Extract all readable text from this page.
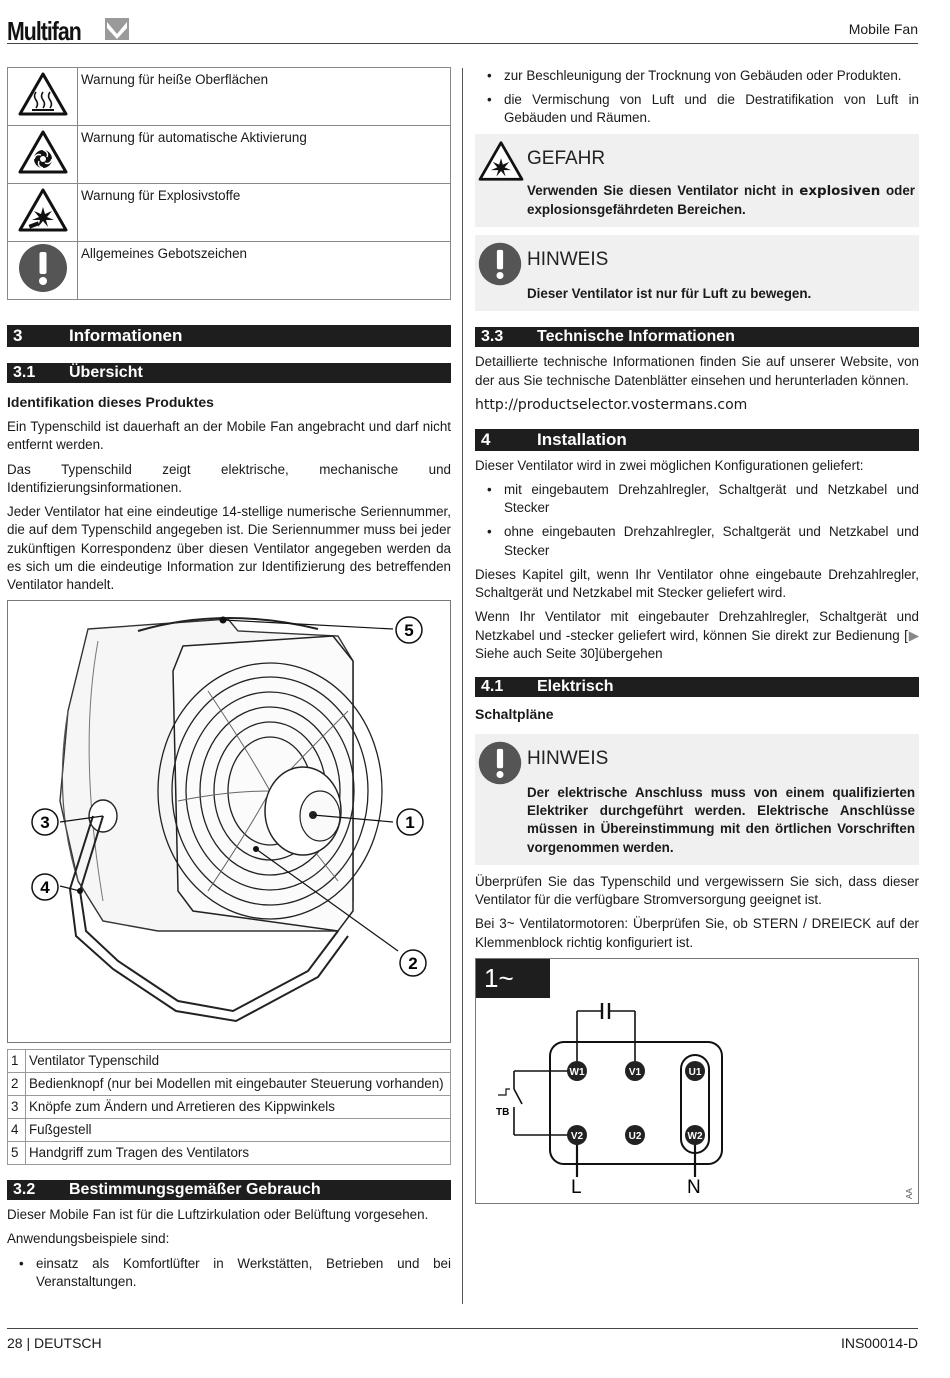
Multifan	Mobile Fan
	Warnung für heiße Oberflächen
	Warnung für automatische Aktivierung
	Warnung für Explosivstoffe
	Allgemeines Gebotszeichen
3	Informationen
3.1	Übersicht
Identifikation dieses Produktes

Ein Typenschild ist dauerhaft an der Mobile Fan angebracht und darf nicht entfernt werden.

Das Typenschild zeigt elektrische, mechanische und Identifizierungsinformationen.

Jeder Ventilator hat eine eindeutige 14-stellige numerische Seriennummer, die auf dem Typenschild angegeben ist. Die Seriennummer muss bei jeder zukünftigen Korrespondenz über diesen Ventilator angegeben werden da es sich um die eindeutige Information zur Identifizierung des betreffenden Ventilator handelt.

5
1
3
4
2
1	Ventilator Typenschild
2	Bedienknopf (nur bei Modellen mit eingebauter Steuerung vorhanden)
3	Knöpfe zum Ändern und Arretieren des Kippwinkels
4	Fußgestell
5	Handgriff zum Tragen des Ventilators
3.2	Bestimmungsgemäßer Gebrauch

Dieser Mobile Fan ist für die Luftzirkulation oder Belüftung vorgesehen.

Anwendungsbeispiele sind:

• einsatz als Komfortlüfter in Werkstätten, Betrieben und bei Veranstaltungen.
• zur Beschleunigung der Trocknung von Gebäuden oder Produkten.
• die Vermischung von Luft und die Destratifikation von Luft in Gebäuden und Räumen.
GEFAHR
Verwenden Sie diesen Ventilator nicht in explosiven oder explosionsgefährdeten Bereichen.
HINWEIS
Dieser Ventilator ist nur für Luft zu bewegen.
3.3	Technische Informationen

Detaillierte technische Informationen finden Sie auf unserer Website, von der aus Sie technische Datenblätter einsehen und herunterladen können.

http://productselector.vostermans.com
4	Installation

Dieser Ventilator wird in zwei möglichen Konfigurationen geliefert:

• mit eingebautem Drehzahlregler, Schaltgerät und Netzkabel und Stecker
• ohne eingebauten Drehzahlregler, Schaltgerät und Netzkabel und Stecker

Dieses Kapitel gilt, wenn Ihr Ventilator ohne eingebaute Drehzahlregler, Schaltgerät und Netzkabel mit Stecker geliefert wird.

Wenn Ihr Ventilator mit eingebauter Drehzahlregler, Schaltgerät und Netzkabel und -stecker geliefert wird, können Sie direkt zur Bedienung [▶ Siehe auch Seite 30]übergehen

4.1	Elektrisch
Schaltpläne
HINWEIS
Der elektrische Anschluss muss von einem qualifizierten Elektriker durchgeführt werden. Elektrische Anschlüsse müssen in Übereinstimmung mit den örtlichen Vorschriften vorgenommen werden.

Überprüfen Sie das Typenschild und vergewissern Sie sich, dass dieser Ventilator für die verfügbare Stromversorgung geeignet ist.

Bei 3~ Ventilatormotoren: Überprüfen Sie, ob STERN / DREIECK auf der Klemmenblock richtig konfiguriert ist.

1~
TB
L	N
W1	V1	U1
V2	U2	W2
AA
28 | DEUTSCH	INS00014-D
